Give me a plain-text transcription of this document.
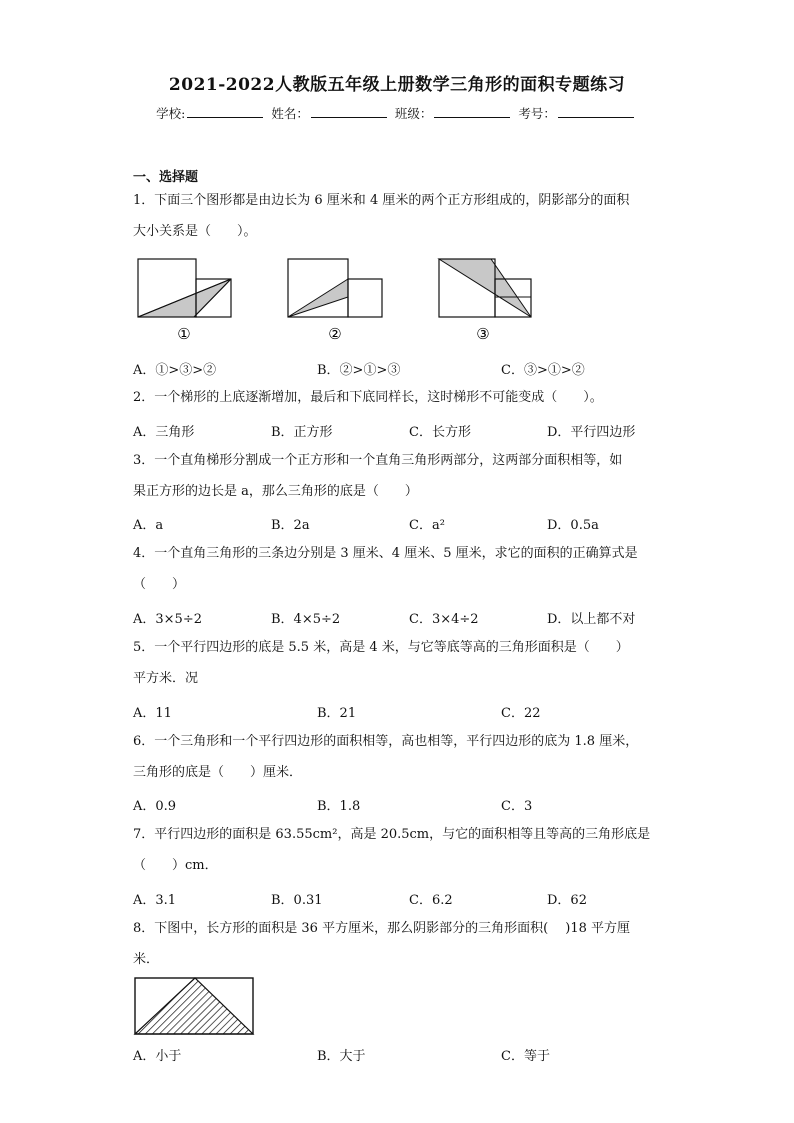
2021-2022人教版五年级上册数学三角形的面积专题练习
学校:	姓名：	班级：	考号：
一、选择题
1．下面三个图形都是由边长为 6 厘米和 4 厘米的两个正方形组成的，阴影部分的面积
大小关系是（　　）。
①	②	③
A．①>③>②	B．②>①>③	C．③>①>②
2．一个梯形的上底逐渐增加，最后和下底同样长，这时梯形不可能变成（　　）。
A．三角形	B．正方形	C．长方形	D．平行四边形
3．一个直角梯形分割成一个正方形和一个直角三角形两部分，这两部分面积相等，如
果正方形的边长是 a，那么三角形的底是（　　）
A．a	B．2a	C．a²	D．0.5a
4．一个直角三角形的三条边分别是 3 厘米、4 厘米、5 厘米，求它的面积的正确算式是
（　　）
A．3×5÷2	B．4×5÷2	C．3×4÷2	D．以上都不对
5．一个平行四边形的底是 5.5 米，高是 4 米，与它等底等高的三角形面积是（　　）
平方米．况
A．11	B．21	C．22
6．一个三角形和一个平行四边形的面积相等，高也相等，平行四边形的底为 1.8 厘米，
三角形的底是（　　）厘米．
A．0.9	B．1.8	C．3
7．平行四边形的面积是 63.55cm²，高是 20.5cm，与它的面积相等且等高的三角形底是
（　　）cm．
A．3.1	B．0.31	C．6.2	D．62
8．下图中，长方形的面积是 36 平方厘米，那么阴影部分的三角形面积(　 )18 平方厘
米．
A．小于	B．大于	C．等于
